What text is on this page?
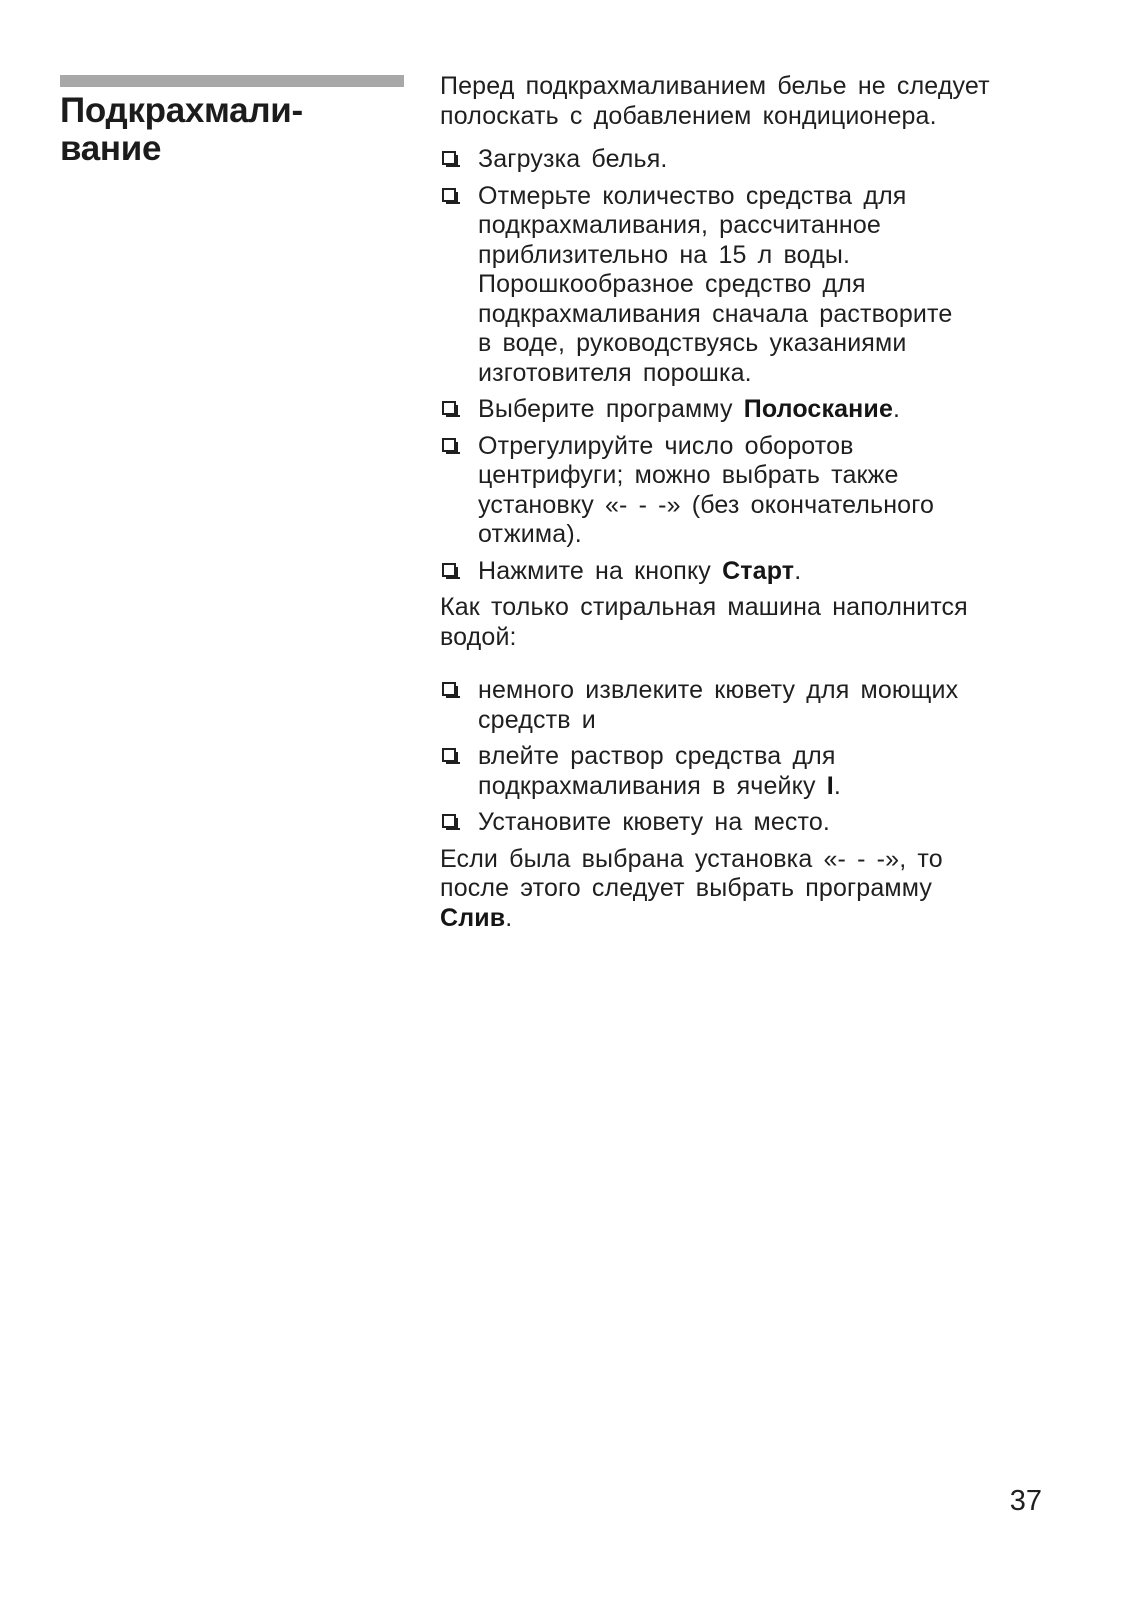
Подкрахмали-
вание

Перед подкрахмаливанием белье не следует
полоскать с добавлением кондиционера.

Загрузка белья.
Отмерьте количество средства для
подкрахмаливания, рассчитанное
приблизительно на 15 л воды.
Порошкообразное средство для
подкрахмаливания сначала растворите
в воде, руководствуясь указаниями
изготовителя порошка.
Выберите программу Полоскание.
Отрегулируйте число оборотов
центрифуги; можно выбрать также
установку «- - -» (без окончательного
отжима).
Нажмите на кнопку Старт.

Как только стиральная машина наполнится
водой:

немного извлеките кювету для моющих
средств и
влейте раствор средства для
подкрахмаливания в ячейку I.
Установите кювету на место.

Если была выбрана установка «- - -», то
после этого следует выбрать программу
Слив.

37
